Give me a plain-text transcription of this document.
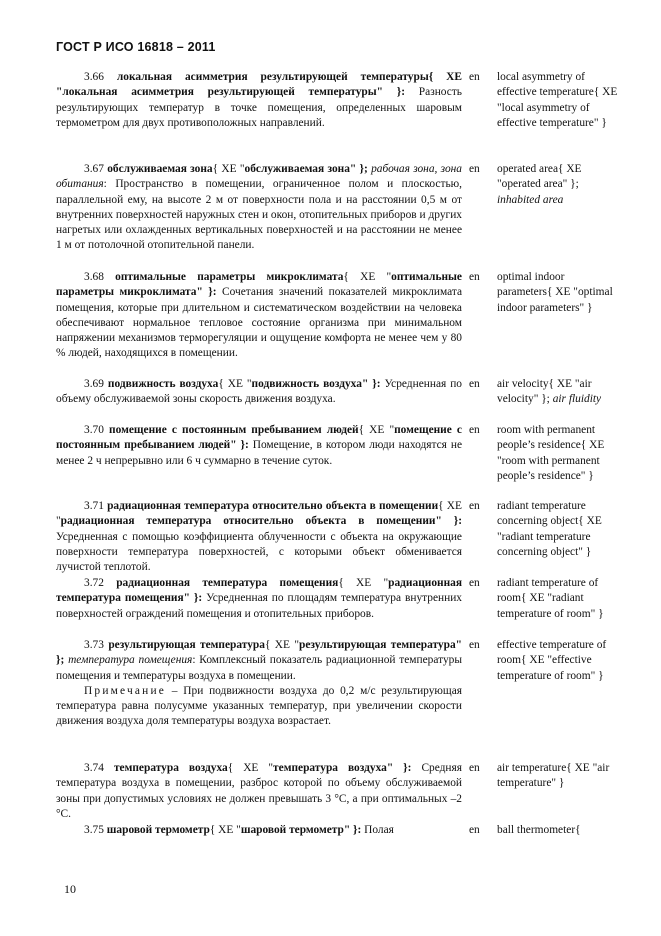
ГОСТ Р ИСО 16818 – 2011

3.66 локальная асимметрия результирующей температуры{ XE "локальная асимметрия результирующей температуры" }: Разность результирующих температур в точке помещения, определенных шаровым термометром для двух противоположных направлений.

en local asymmetry of effective temperature{ XE "local asymmetry of effective temperature" }

3.67 обслуживаемая зона{ XE "обслуживаемая зона" }; рабочая зона, зона обитания: Пространство в помещении, ограниченное полом и плоскостью, параллельной ему, на высоте 2 м от поверхности пола и на расстоянии 0,5 м от внутренних поверхностей наружных стен и окон, отопительных приборов и других нагретых или охлажденных вертикальных поверхностей и на расстоянии не менее 1 м от потолочной отопительной панели.

en operated area{ XE "operated area" }; inhabited area

3.68 оптимальные параметры микроклимата{ XE "оптимальные параметры микроклимата" }: Сочетания значений показателей микроклимата помещения, которые при длительном и систематическом воздействии на человека обеспечивают нормальное тепловое состояние организма при минимальном напряжении механизмов терморегуляции и ощущение комфорта не менее чем у 80 % людей, находящихся в помещении.

en optimal indoor parameters{ XE "optimal indoor parameters" }

3.69 подвижность воздуха{ XE "подвижность воздуха" }: Усредненная по объему обслуживаемой зоны скорость движения воздуха.

en air velocity{ XE "air velocity" }; air fluidity

3.70 помещение с постоянным пребыванием людей{ XE "помещение с постоянным пребыванием людей" }: Помещение, в котором люди находятся не менее 2 ч непрерывно или 6 ч суммарно в течение суток.

en room with permanent people’s residence{ XE "room with permanent people’s residence" }

3.71 радиационная температура относительно объекта в помещении{ XE "радиационная температура относительно объекта в помещении" }: Усредненная с помощью коэффициента облученности с объекта на окружающие поверхности температура поверхностей, с которыми объект обменивается лучистой теплотой.

en radiant temperature concerning object{ XE "radiant temperature concerning object" }

3.72 радиационная температура помещения{ XE "радиационная температура помещения" }: Усредненная по площадям температура внутренних поверхностей ограждений помещения и отопительных приборов.

en radiant temperature of room{ XE "radiant temperature of room" }

3.73 результирующая температура{ XE "результирующая температура" }; температура помещения: Комплексный показатель радиационной температуры помещения и температуры воздуха в помещении.

Примечание – При подвижности воздуха до 0,2 м/с результирующая температура равна полусумме указанных температур, при увеличении скорости движения воздуха доля температуры воздуха возрастает.

en effective temperature of room{ XE "effective temperature of room" }

3.74 температура воздуха{ XE "температура воздуха" }: Средняя температура воздуха в помещении, разброс которой по объему обслуживаемой зоны при допустимых условиях не должен превышать 3 °С, а при оптимальных –2 °С.

en air temperature{ XE "air temperature" }

3.75 шаровой термометр{ XE "шаровой термометр" }: Полая	en ball thermometer{
10
